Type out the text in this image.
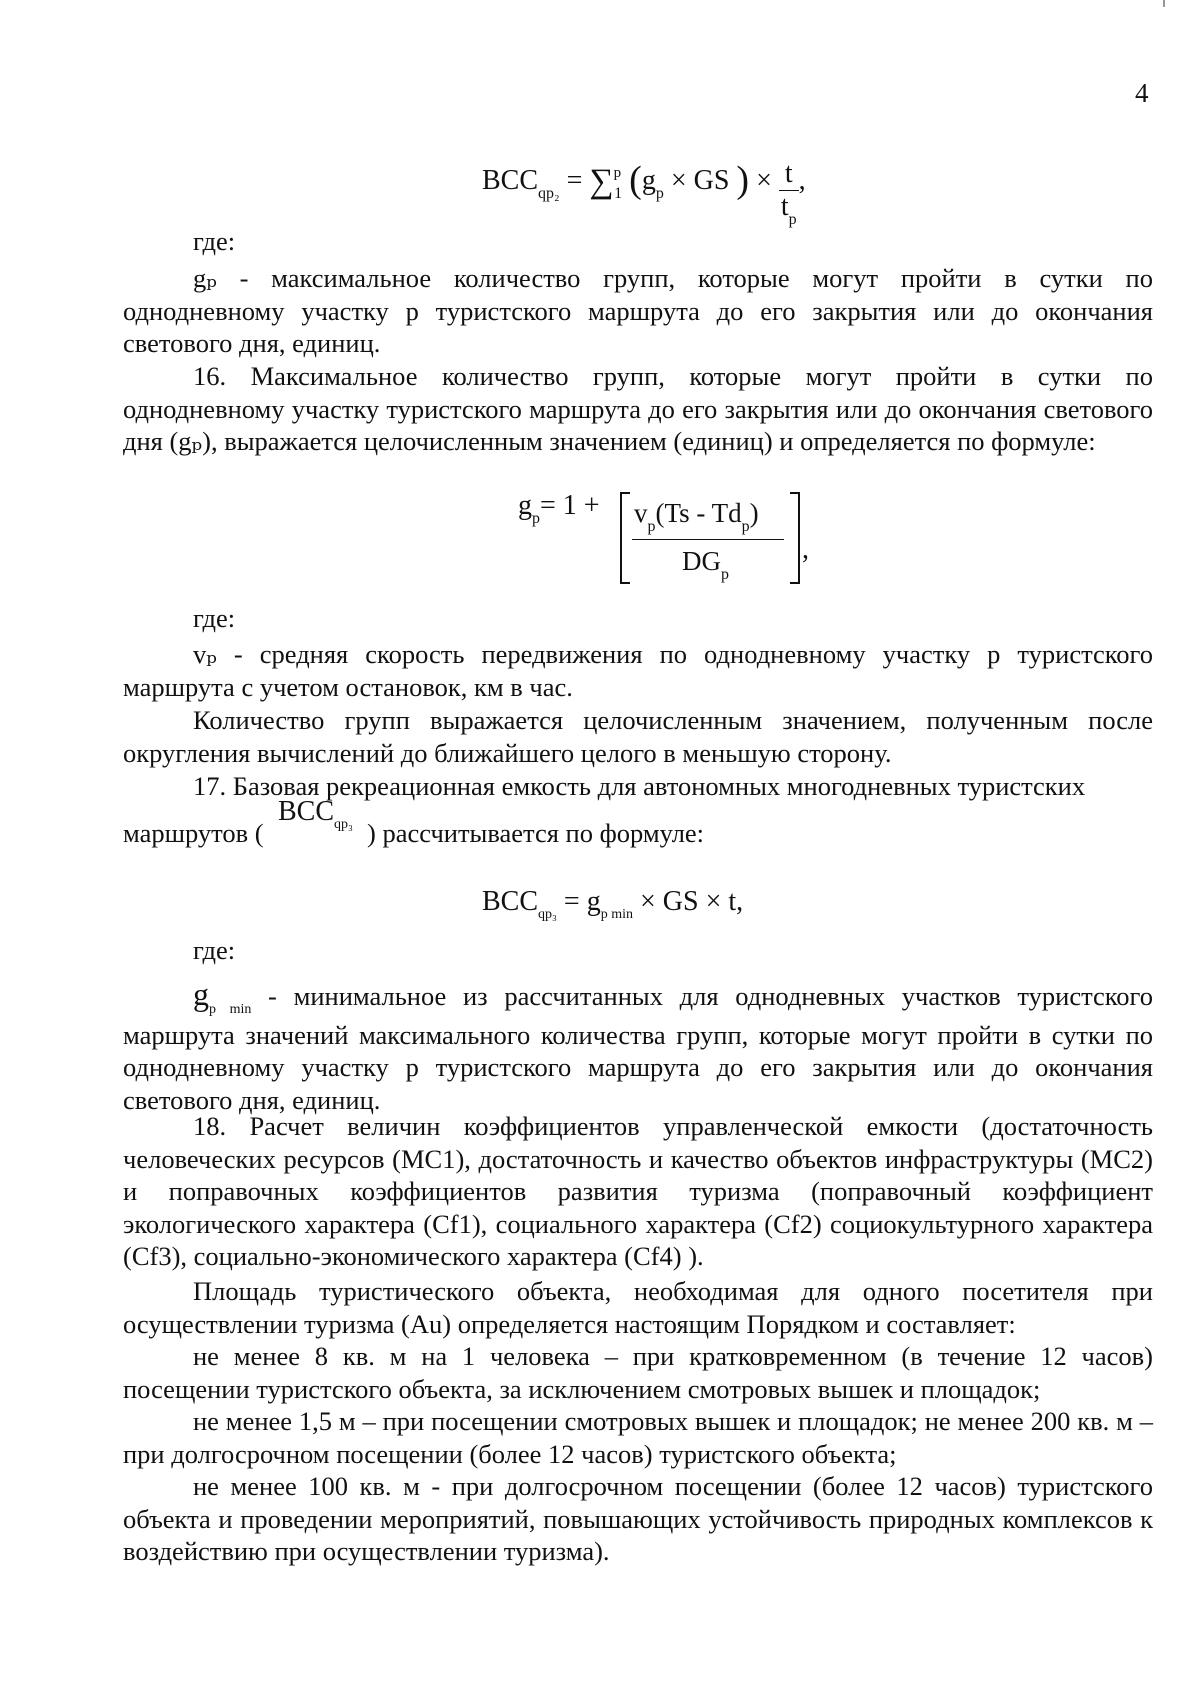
4
$BCC_{qp_2} = \sum^p_1$ ($g_p$ × GS ) × $\frac{t}{t_p}$ ,
где:

gₚ - максимальное количество групп, которые могут пройти в сутки по однодневному участку p туристского маршрута до его закрытия или до окончания светового дня, единиц.

16. Максимальное количество групп, которые могут пройти в сутки по однодневному участку туристского маршрута до его закрытия или до окончания светового дня (gₚ), выражается целочисленным значением (единиц) и определяется по формуле:

$g_p= 1 + v_p(Ts - Td_p)$
$DG_p$
,
где:

vₚ - средняя скорость передвижения по однодневному участку p туристского маршрута с учетом остановок, км в час.

Количество групп выражается целочисленным значением, полученным после округления вычислений до ближайшего целого в меньшую сторону.

17. Базовая рекреационная емкость для автономных многодневных туристских
маршрутов (
$BCC_{qp_3}$ ) рассчитывается по формуле:
$BCC_{qp_3} = g_{p min}$ × GS × t,
где:

$g_{p min}$ - минимальное из рассчитанных для однодневных участков туристского маршрута значений максимального количества групп, которые могут пройти в сутки по однодневному участку p туристского маршрута до его закрытия или до окончания светового дня, единиц.

18. Расчет величин коэффициентов управленческой емкости (достаточность человеческих ресурсов (MC1), достаточность и качество объектов инфраструктуры (MC2) и поправочных коэффициентов развития туризма (поправочный коэффициент экологического характера (Cf1), социального характера (Cf2) социокультурного характера (Cf3), социально-экономического характера (Cf4) ).

Площадь туристического объекта, необходимая для одного посетителя при осуществлении туризма (Au) определяется настоящим Порядком и составляет:

не менее 8 кв. м на 1 человека – при кратковременном (в течение 12 часов) посещении туристского объекта, за исключением смотровых вышек и площадок;

не менее 1,5 м – при посещении смотровых вышек и площадок; не менее 200 кв. м – при долгосрочном посещении (более 12 часов) туристского объекта;

не менее 100 кв. м - при долгосрочном посещении (более 12 часов) туристского объекта и проведении мероприятий, повышающих устойчивость природных комплексов к воздействию при осуществлении туризма).
